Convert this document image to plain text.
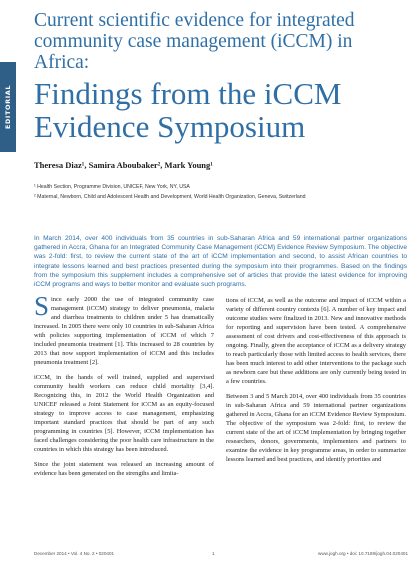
EDITORIAL
Current scientific evidence for integrated community case management (iCCM) in Africa:
Findings from the iCCM Evidence Symposium
Theresa Diaz¹, Samira Aboubaker², Mark Young¹
¹ Health Section, Programme Division, UNICEF, New York, NY, USA
² Maternal, Newborn, Child and Adolescent Health and Development, World Health Organization, Geneva, Switzerland

In March 2014, over 400 individuals from 35 countries in sub-Saharan Africa and 59 international partner organizations gathered in Accra, Ghana for an Integrated Community Case Management (iCCM) Evidence Review Symposium. The objective was 2-fold: first, to review the current state of the art of iCCM implementation and second, to assist African countries to integrate lessons learned and best practices presented during the symposium into their programmes. Based on the findings from the symposium this supplement includes a comprehensive set of articles that provide the latest evidence for improving iCCM programs and ways to better monitor and evaluate such programs.

Since early 2000 the use of integrated community case management (iCCM) strategy to deliver pneumonia, malaria and diarrhea treatments to children under 5 has dramatically increased. In 2005 there were only 10 countries in sub-Saharan Africa with policies supporting implementation of iCCM of which 7 included pneumonia treatment [1]. This increased to 28 countries by 2013 that now support implementation of iCCM and this includes pneumonia treatment [2].

iCCM, in the hands of well trained, supplied and supervised community health workers can reduce child mortality [3,4]. Recognizing this, in 2012 the World Health Organization and UNICEF released a Joint Statement for iCCM as an equity-focused strategy to improve access to case management, emphasizing important standard practices that should be part of any such programming in countries [5]. However, iCCM implementation has faced challenges considering the poor health care infrastructure in the countries in which this strategy has been introduced.

Since the joint statement was released an increasing amount of evidence has been generated on the strengths and limita-

tions of iCCM, as well as the outcome and impact of iCCM within a variety of different country contexts [6]. A number of key impact and outcome studies were finalized in 2013. New and innovative methods for reporting and supervision have been tested. A comprehensive assessment of cost drivers and cost-effectiveness of this approach is ongoing. Finally, given the acceptance of iCCM as a delivery strategy to reach particularly those with limited access to health services, there has been much interest to add other interventions to the package such as newborn care but these additions are only currently being tested in a few countries.

Between 3 and 5 March 2014, over 400 individuals from 35 countries in sub-Saharan Africa and 59 international partner organizations gathered in Accra, Ghana for an iCCM Evidence Review Symposium. The objective of the symposium was 2-fold: first, to review the current state of the art of iCCM implementation by bringing together researchers, donors, governments, implementers and partners to examine the evidence in key programme areas, in order to summarize lessons learned and best practices, and identify priorities and

December 2014 • Vol. 4 No. 2 • 020401	1	www.jogh.org • doi: 10.7189/jogh.04.020401
